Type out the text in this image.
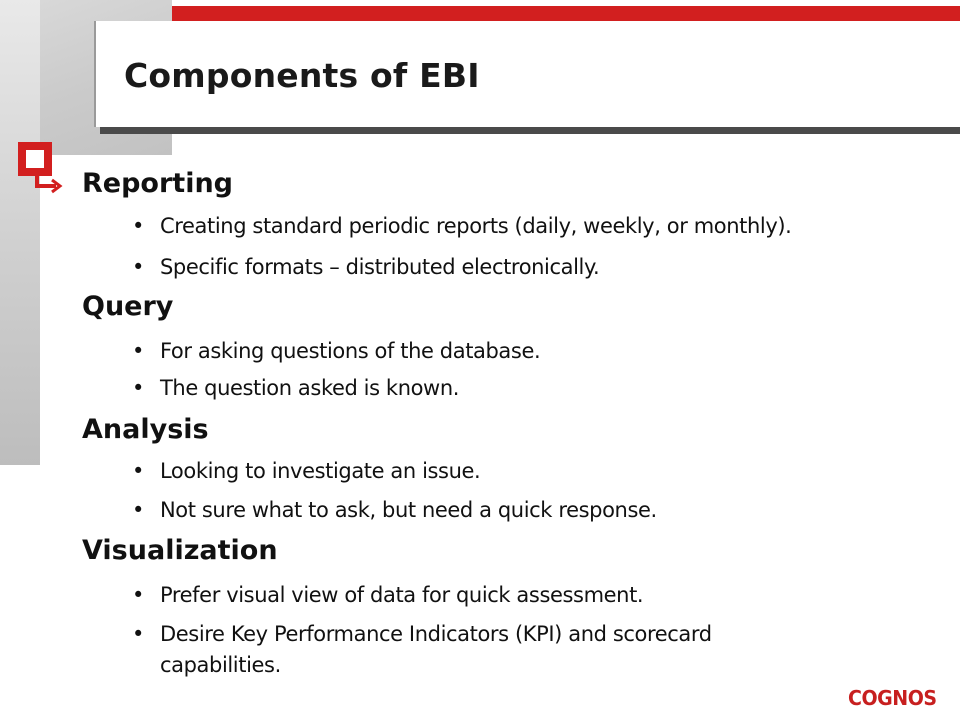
Components of EBI
Reporting

• Creating standard periodic reports (daily, weekly, or monthly).

• Specific formats – distributed electronically.

Query

• For asking questions of the database.

• The question asked is known.

Analysis

• Looking to investigate an issue.

• Not sure what to ask, but need a quick response.

Visualization

• Prefer visual view of data for quick assessment.

• Desire Key Performance Indicators (KPI) and scorecard capabilities.

COGNOS
